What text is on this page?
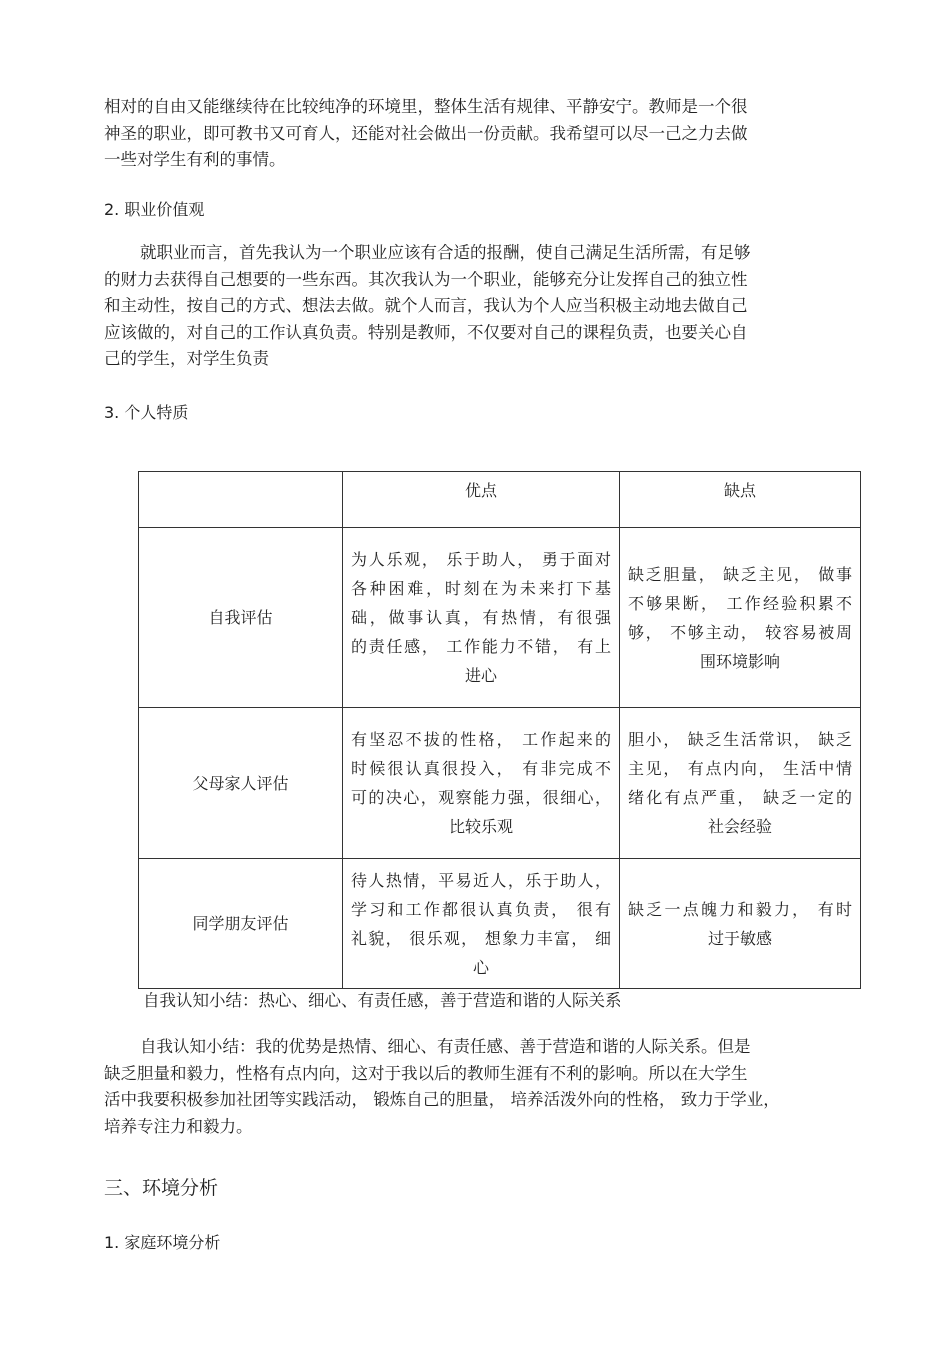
相对的自由又能继续待在比较纯净的环境里，整体生活有规律、平静安宁。教师是一个很
神圣的职业，即可教书又可育人，还能对社会做出一份贡献。我希望可以尽一己之力去做
一些对学生有利的事情。
2. 职业价值观
就职业而言，首先我认为一个职业应该有合适的报酬，使自己满足生活所需，有足够
的财力去获得自己想要的一些东西。其次我认为一个职业，能够充分让发挥自己的独立性
和主动性，按自己的方式、想法去做。就个人而言，我认为个人应当积极主动地去做自己
应该做的，对自己的工作认真负责。特别是教师，不仅要对自己的课程负责，也要关心自
己的学生，对学生负责
3. 个人特质
	优点	缺点
自我评估	为人乐观， 乐于助人， 勇于面对
各种困难，时刻在为未来打下基
础，做事认真，有热情，有很强
的责任感， 工作能力不错， 有上
进心	缺乏胆量， 缺乏主见， 做事
不够果断， 工作经验积累不
够， 不够主动， 较容易被周
围环境影响

父母家人评估	有坚忍不拔的性格， 工作起来的
时候很认真很投入， 有非完成不
可的决心，观察能力强，很细心，
比较乐观	胆小， 缺乏生活常识， 缺乏
主见， 有点内向， 生活中情
绪化有点严重， 缺乏一定的
社会经验

同学朋友评估	待人热情，平易近人，乐于助人，
学习和工作都很认真负责， 很有
礼貌， 很乐观， 想象力丰富， 细
心	缺乏一点魄力和毅力， 有时
过于敏感
自我认知小结：热心、细心、有责任感，善于营造和谐的人际关系
自我认知小结：我的优势是热情、细心、有责任感、善于营造和谐的人际关系。但是
缺乏胆量和毅力，性格有点内向，这对于我以后的教师生涯有不利的影响。所以在大学生
活中我要积极参加社团等实践活动， 锻炼自己的胆量， 培养活泼外向的性格， 致力于学业，
培养专注力和毅力。
三、环境分析
1. 家庭环境分析
